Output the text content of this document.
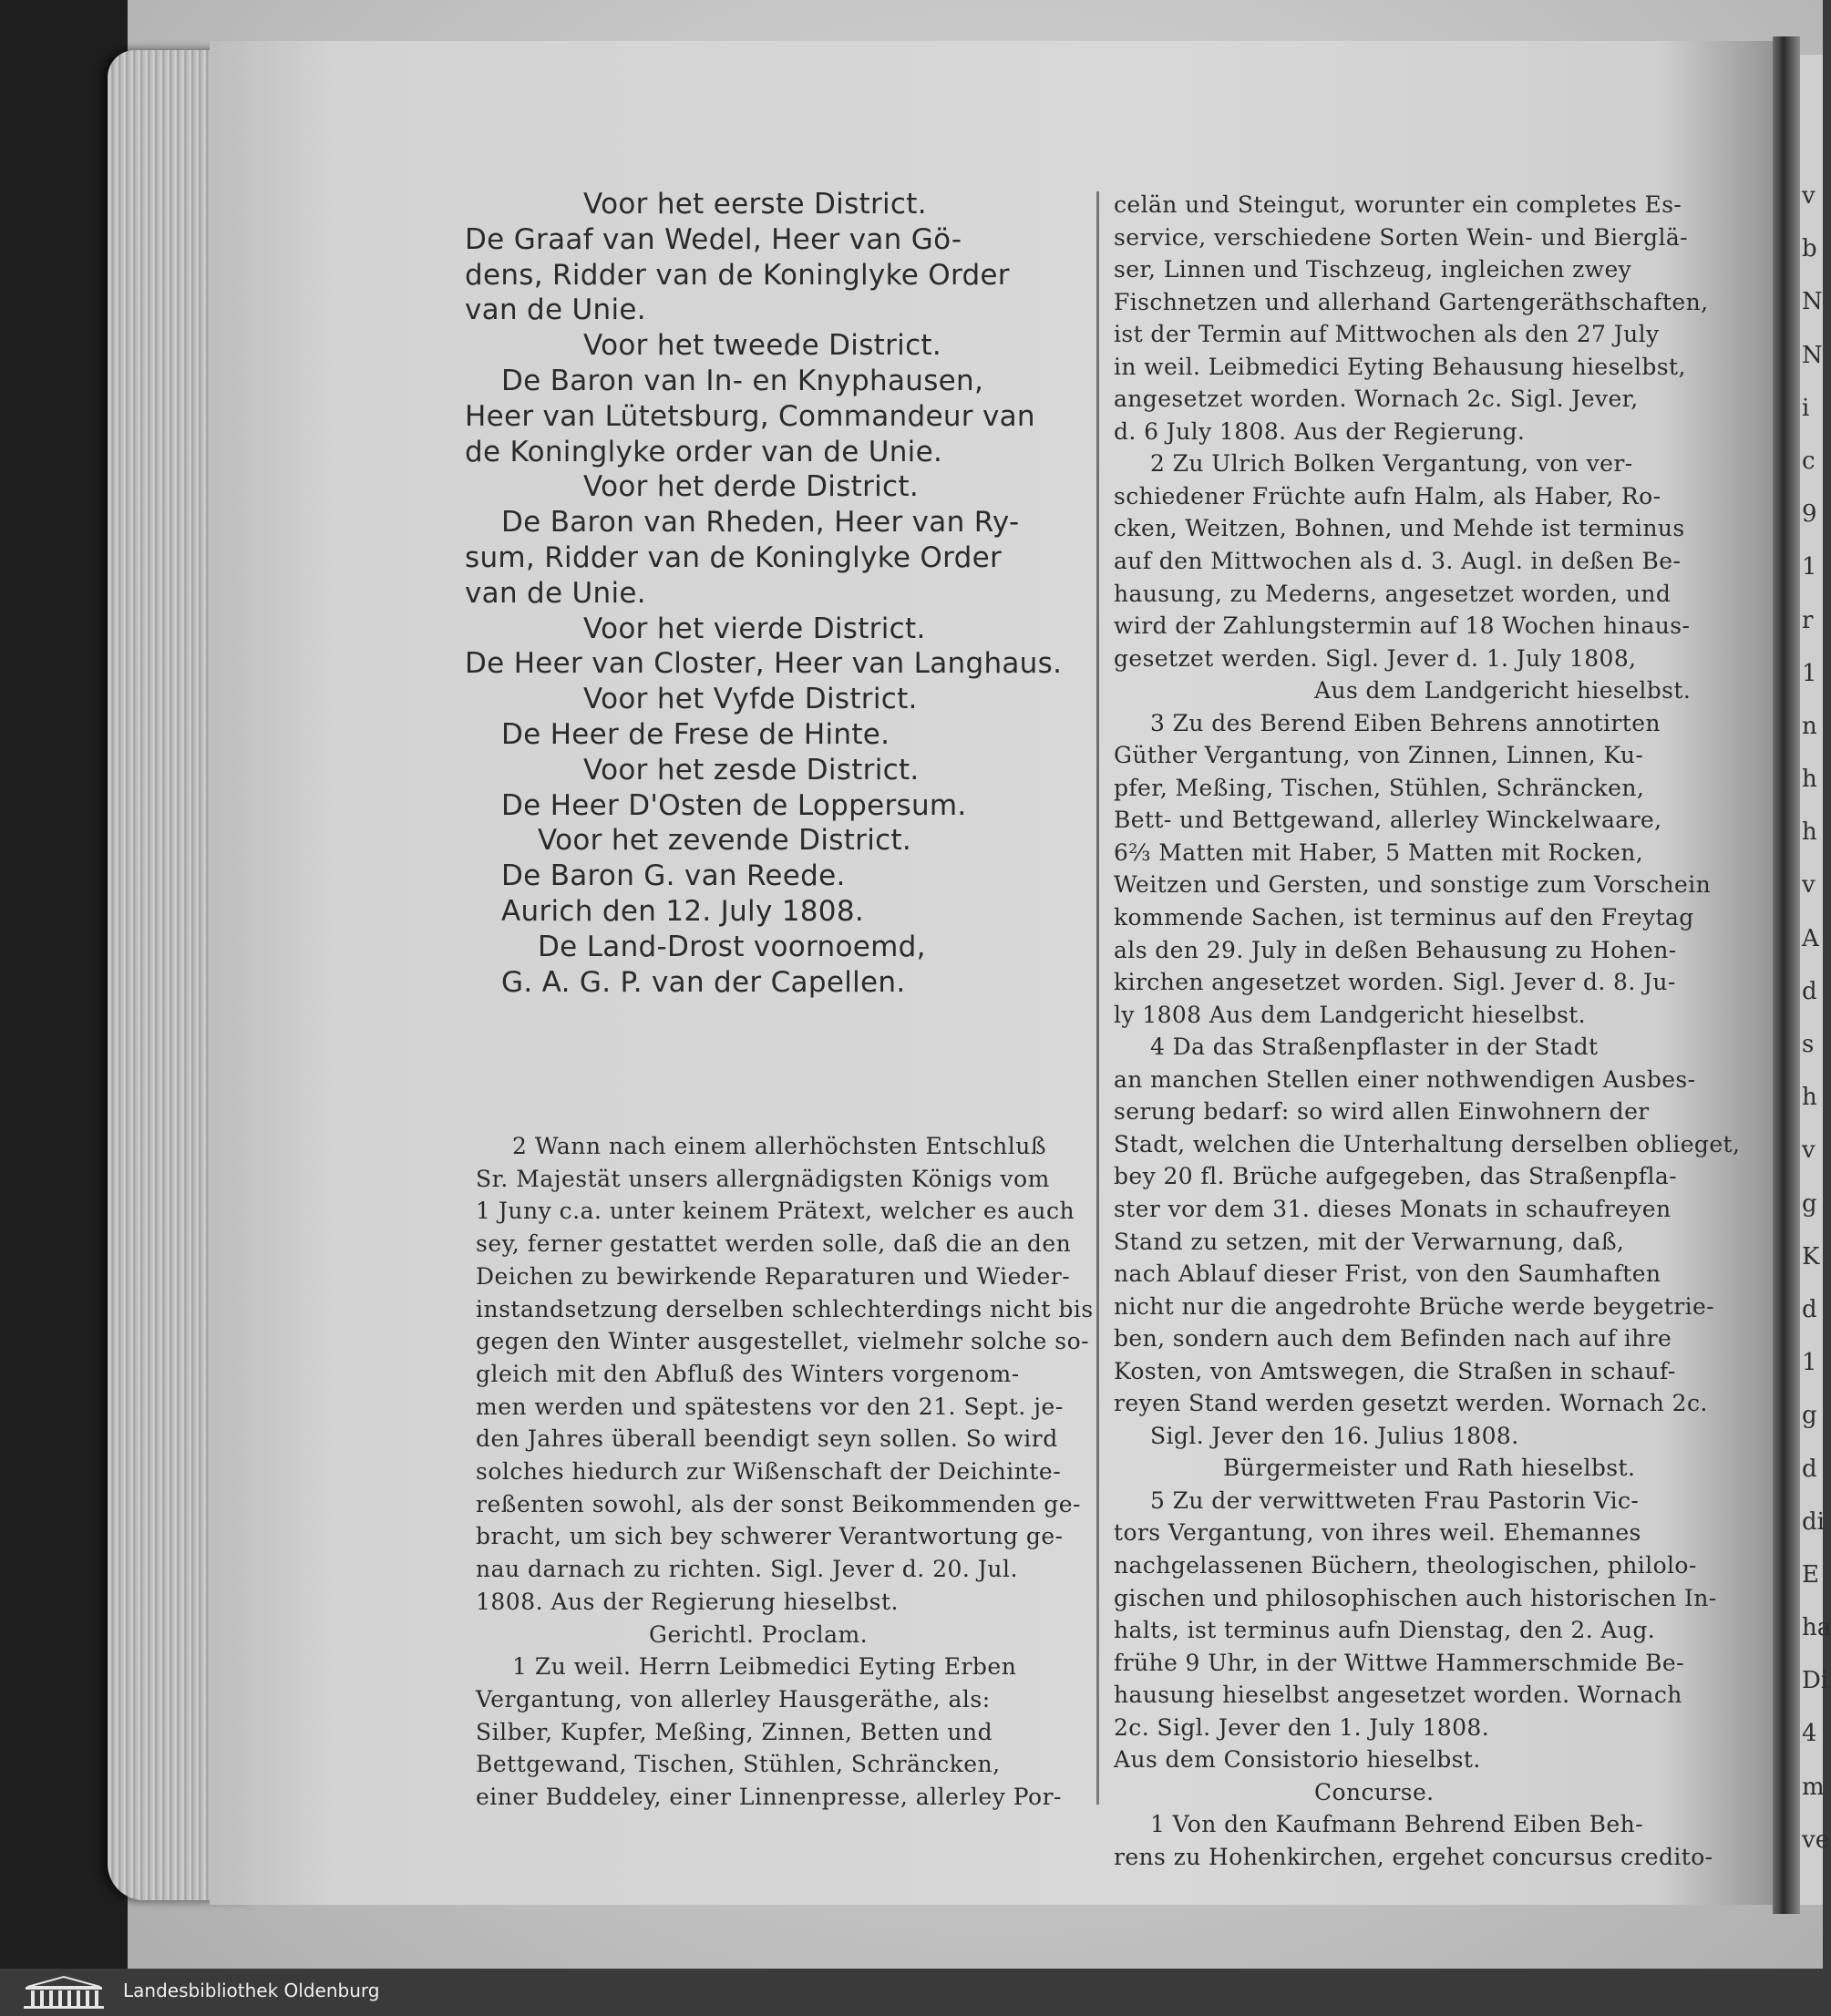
v
b
N
N
i
c
9
1
r
1
n
h
h
v
A
d
s
h
v
g
K
d
1
g
d
di
E
ha
Di
4
m
ve

Voor het eerste District.

De Graaf van Wedel, Heer van Gö-

dens, Ridder van de Koninglyke Order

van de Unie.

Voor het tweede District.

De Baron van In- en Knyphausen,

Heer van Lütetsburg, Commandeur van

de Koninglyke order van de Unie.

Voor het derde District.

De Baron van Rheden, Heer van Ry-

sum, Ridder van de Koninglyke Order

van de Unie.

Voor het vierde District.

De Heer van Closter, Heer van Langhaus.

Voor het Vyfde District.

De Heer de Frese de Hinte.

Voor het zesde District.

De Heer D'Osten de Loppersum.

Voor het zevende District.

De Baron G. van Reede.

Aurich den 12. July 1808.

De Land-Drost voornoemd,

G. A. G. P. van der Capellen.

2 Wann nach einem allerhöchsten Entschluß

Sr. Majestät unsers allergnädigsten Königs vom

1 Juny c.a. unter keinem Prätext, welcher es auch

sey, ferner gestattet werden solle, daß die an den

Deichen zu bewirkende Reparaturen und Wieder-

instandsetzung derselben schlechterdings nicht bis

gegen den Winter ausgestellet, vielmehr solche so-

gleich mit den Abfluß des Winters vorgenom-

men werden und spätestens vor den 21. Sept. je-

den Jahres überall beendigt seyn sollen. So wird

solches hiedurch zur Wißenschaft der Deichinte-

reßenten sowohl, als der sonst Beikommenden ge-

bracht, um sich bey schwerer Verantwortung ge-

nau darnach zu richten. Sigl. Jever d. 20. Jul.

1808. Aus der Regierung hieselbst.

Gerichtl. Proclam.

1 Zu weil. Herrn Leibmedici Eyting Erben

Vergantung, von allerley Hausgeräthe, als:

Silber, Kupfer, Meßing, Zinnen, Betten und

Bettgewand, Tischen, Stühlen, Schräncken,

einer Buddeley, einer Linnenpresse, allerley Por-

celän und Steingut, worunter ein completes Es-

service, verschiedene Sorten Wein- und Bierglä-

ser, Linnen und Tischzeug, ingleichen zwey

Fischnetzen und allerhand Gartengeräthschaften,

ist der Termin auf Mittwochen als den 27 July

in weil. Leibmedici Eyting Behausung hieselbst,

angesetzet worden. Wornach 2c. Sigl. Jever,

d. 6 July 1808. Aus der Regierung.

2 Zu Ulrich Bolken Vergantung, von ver-

schiedener Früchte aufn Halm, als Haber, Ro-

cken, Weitzen, Bohnen, und Mehde ist terminus

auf den Mittwochen als d. 3. Augl. in deßen Be-

hausung, zu Mederns, angesetzet worden, und

wird der Zahlungstermin auf 18 Wochen hinaus-

gesetzet werden. Sigl. Jever d. 1. July 1808,

Aus dem Landgericht hieselbst.

3 Zu des Berend Eiben Behrens annotirten

Güther Vergantung, von Zinnen, Linnen, Ku-

pfer, Meßing, Tischen, Stühlen, Schräncken,

Bett- und Bettgewand, allerley Winckelwaare,

6⅔ Matten mit Haber, 5 Matten mit Rocken,

Weitzen und Gersten, und sonstige zum Vorschein

kommende Sachen, ist terminus auf den Freytag

als den 29. July in deßen Behausung zu Hohen-

kirchen angesetzet worden. Sigl. Jever d. 8. Ju-

ly 1808 Aus dem Landgericht hieselbst.

4 Da das Straßenpflaster in der Stadt

an manchen Stellen einer nothwendigen Ausbes-

serung bedarf: so wird allen Einwohnern der

Stadt, welchen die Unterhaltung derselben oblieget,

bey 20 fl. Brüche aufgegeben, das Straßenpfla-

ster vor dem 31. dieses Monats in schaufreyen

Stand zu setzen, mit der Verwarnung, daß,

nach Ablauf dieser Frist, von den Saumhaften

nicht nur die angedrohte Brüche werde beygetrie-

ben, sondern auch dem Befinden nach auf ihre

Kosten, von Amtswegen, die Straßen in schauf-

reyen Stand werden gesetzt werden. Wornach 2c.

Sigl. Jever den 16. Julius 1808.

Bürgermeister und Rath hieselbst.

5 Zu der verwittweten Frau Pastorin Vic-

tors Vergantung, von ihres weil. Ehemannes

nachgelassenen Büchern, theologischen, philolo-

gischen und philosophischen auch historischen In-

halts, ist terminus aufn Dienstag, den 2. Aug.

frühe 9 Uhr, in der Wittwe Hammerschmide Be-

hausung hieselbst angesetzet worden. Wornach

2c. Sigl. Jever den 1. July 1808.

Aus dem Consistorio hieselbst.

Concurse.

1 Von den Kaufmann Behrend Eiben Beh-

rens zu Hohenkirchen, ergehet concursus credito-

Landesbibliothek Oldenburg
